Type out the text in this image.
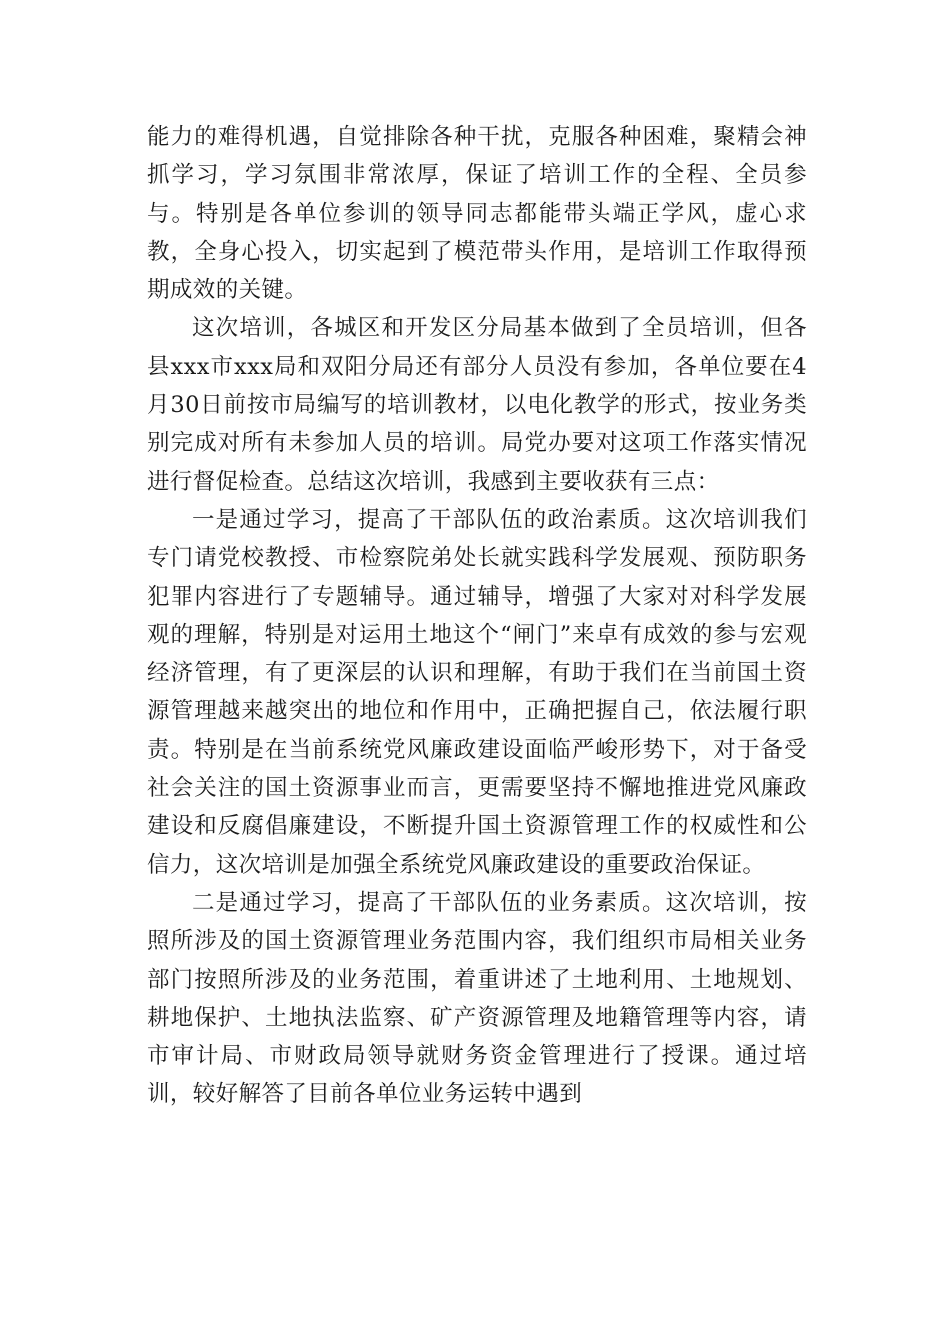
能力的难得机遇，自觉排除各种干扰，克服各种困难，聚精会神抓学习，学习氛围非常浓厚，保证了培训工作的全程、全员参与。特别是各单位参训的领导同志都能带头端正学风，虚心求教，全身心投入，切实起到了模范带头作用，是培训工作取得预期成效的关键。

这次培训，各城区和开发区分局基本做到了全员培训，但各县xxx市xxx局和双阳分局还有部分人员没有参加，各单位要在4月30日前按市局编写的培训教材，以电化教学的形式，按业务类别完成对所有未参加人员的培训。局党办要对这项工作落实情况进行督促检查。总结这次培训，我感到主要收获有三点：

一是通过学习，提高了干部队伍的政治素质。这次培训我们专门请党校教授、市检察院弟处长就实践科学发展观、预防职务犯罪内容进行了专题辅导。通过辅导，增强了大家对对科学发展观的理解，特别是对运用土地这个“闸门”来卓有成效的参与宏观经济管理，有了更深层的认识和理解，有助于我们在当前国土资源管理越来越突出的地位和作用中，正确把握自己，依法履行职责。特别是在当前系统党风廉政建设面临严峻形势下，对于备受社会关注的国土资源事业而言，更需要坚持不懈地推进党风廉政建设和反腐倡廉建设，不断提升国土资源管理工作的权威性和公信力，这次培训是加强全系统党风廉政建设的重要政治保证。

二是通过学习，提高了干部队伍的业务素质。这次培训，按照所涉及的国土资源管理业务范围内容，我们组织市局相关业务部门按照所涉及的业务范围，着重讲述了土地利用、土地规划、耕地保护、土地执法监察、矿产资源管理及地籍管理等内容，请市审计局、市财政局领导就财务资金管理进行了授课。通过培训，较好解答了目前各单位业务运转中遇到
